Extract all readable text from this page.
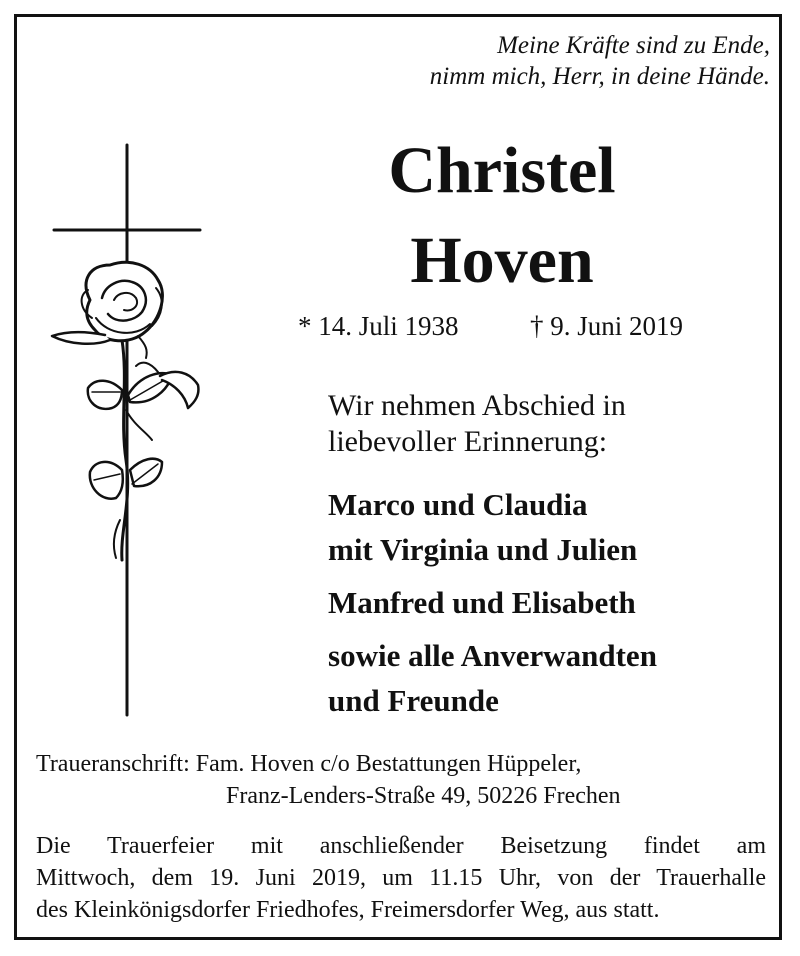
Meine Kräfte sind zu Ende,
nimm mich, Herr, in deine Hände.
Christel
Hoven
* 14. Juli 1938	† 9. Juni 2019
Wir nehmen Abschied in
liebevoller Erinnerung:
Marco und Claudia
mit Virginia und Julien
Manfred und Elisabeth
sowie alle Anverwandten
und Freunde
Traueranschrift: Fam. Hoven c/o Bestattungen Hüppeler,
Franz-Lenders-Straße 49, 50226 Frechen
Die Trauerfeier mit anschließender Beisetzung findet am
Mittwoch, dem 19. Juni 2019, um 11.15 Uhr, von der Trauerhalle
des Kleinkönigsdorfer Friedhofes, Freimersdorfer Weg, aus statt.
